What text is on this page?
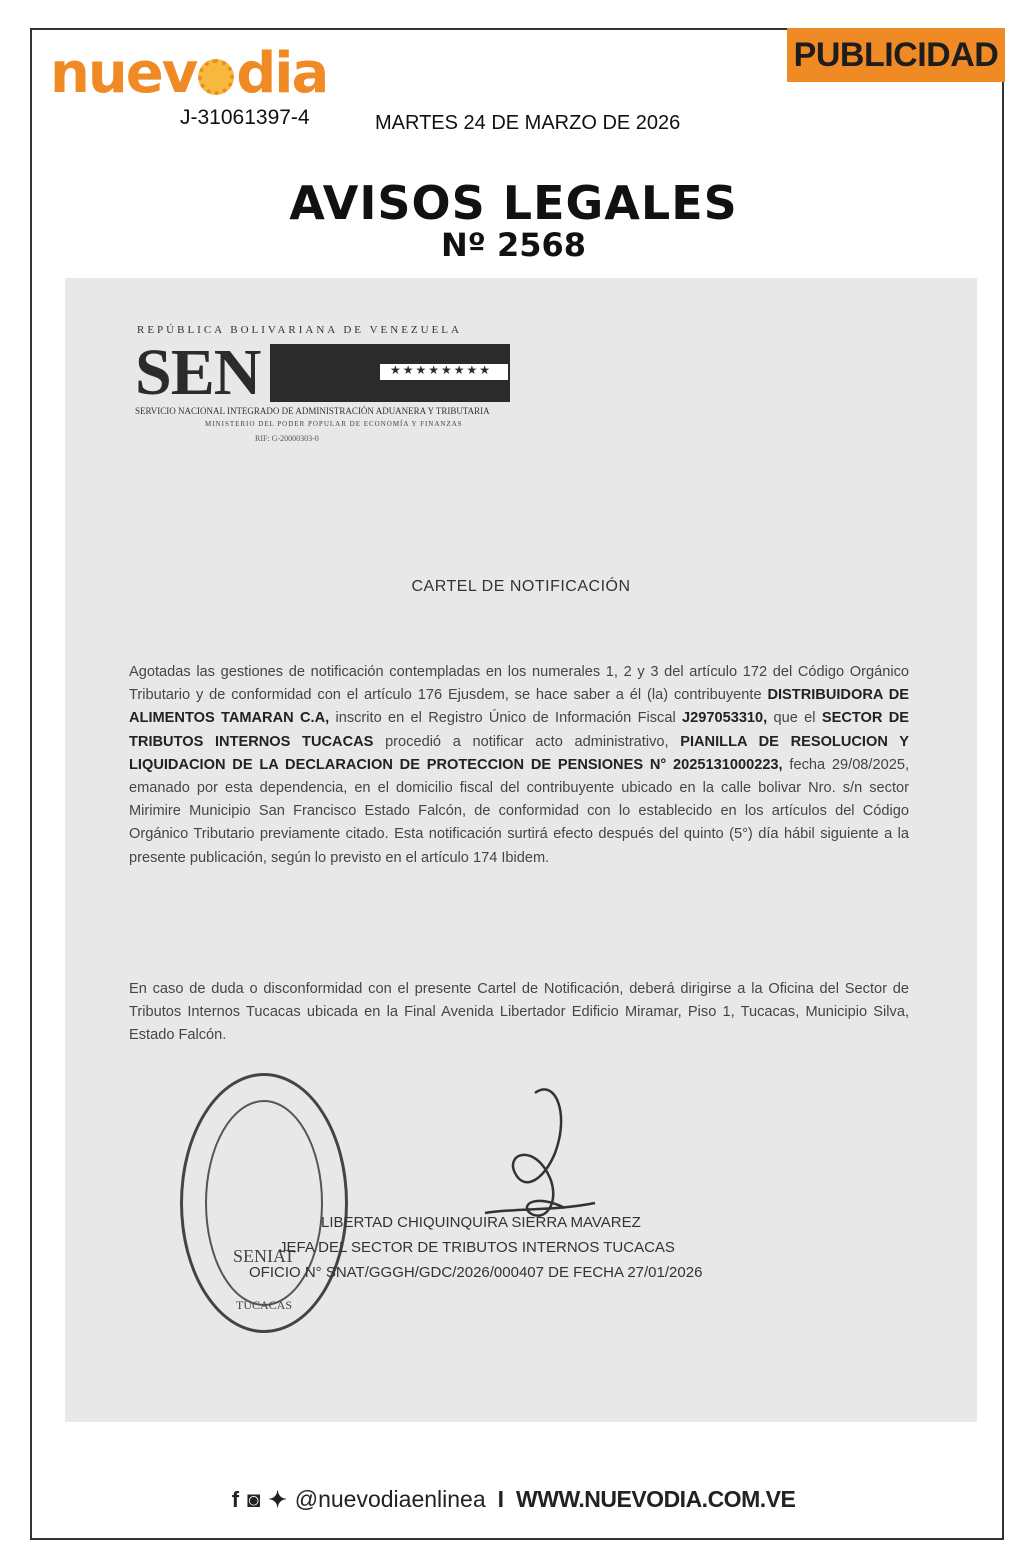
PUBLICIDAD
nuev dia
J-31061397-4	MARTES 24 DE MARZO DE 2026
AVISOS LEGALES
Nº 2568
REPÚBLICA BOLIVARIANA DE VENEZUELA
SEN	★★★★★★★★
SERVICIO NACIONAL INTEGRADO DE ADMINISTRACIÓN ADUANERA Y TRIBUTARIA
MINISTERIO DEL PODER POPULAR DE ECONOMÍA Y FINANZAS
RIF: G-20000303-0
CARTEL DE NOTIFICACIÓN
Agotadas las gestiones de notificación contempladas en los numerales 1, 2 y 3 del artículo 172 del Código Orgánico Tributario y de conformidad con el artículo 176 Ejusdem, se hace saber a él (la) contribuyente DISTRIBUIDORA DE ALIMENTOS TAMARAN C.A, inscrito en el Registro Único de Información Fiscal J297053310, que el SECTOR DE TRIBUTOS INTERNOS TUCACAS procedió a notificar acto administrativo, PIANILLA DE RESOLUCION Y LIQUIDACION DE LA DECLARACION DE PROTECCION DE PENSIONES N° 2025131000223, fecha 29/08/2025, emanado por esta dependencia, en el domicilio fiscal del contribuyente ubicado en la calle bolivar Nro. s/n sector Mirimire Municipio San Francisco Estado Falcón, de conformidad con lo establecido en los artículos del Código Orgánico Tributario previamente citado. Esta notificación surtirá efecto después del quinto (5°) día hábil siguiente a la presente publicación, según lo previsto en el artículo 174 Ibidem.
En caso de duda o disconformidad con el presente Cartel de Notificación, deberá dirigirse a la Oficina del Sector de Tributos Internos Tucacas ubicada en la Final Avenida Libertador Edificio Miramar, Piso 1, Tucacas, Municipio Silva, Estado Falcón.
SENIAT
TUCACAS
LIBERTAD CHIQUINQUIRA SIERRA MAVAREZ
JEFA DEL SECTOR DE TRIBUTOS INTERNOS TUCACAS
OFICIO N° SNAT/GGGH/GDC/2026/000407 DE FECHA 27/01/2026
f ◙ ✦ @nuevodiaenlinea I WWW.NUEVODIA.COM.VE
